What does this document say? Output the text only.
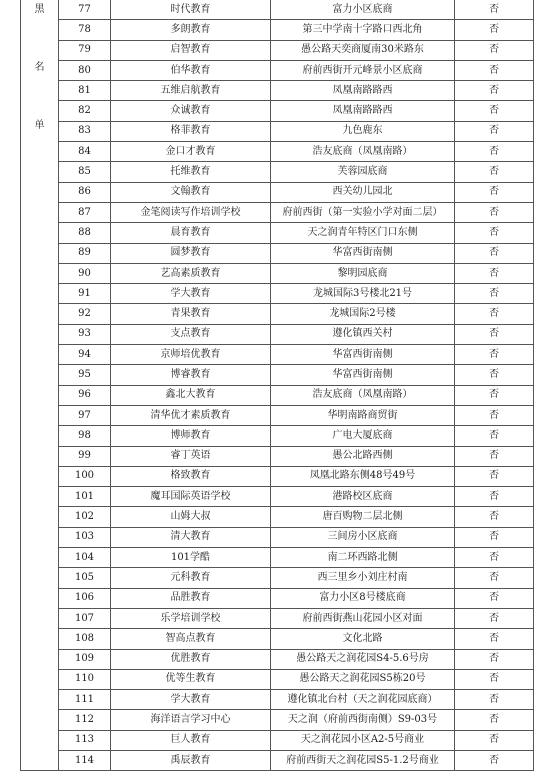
黑
名
单	77	时代教育	富力小区底商	否
	78	多朗教育	第三中学南十字路口西北角	否
	79	启智教育	愚公路天奕商厦南30米路东	否
	80	伯华教育	府前西街开元峰景小区底商	否
	81	五维启航教育	凤凰南路路西	否
	82	众诚教育	凤凰南路路西	否
	83	格菲教育	九色鹿东	否
	84	金口才教育	浩友底商（凤凰南路）	否
	85	托维教育	芙蓉园底商	否
	86	文翰教育	西关幼儿园北	否
	87	金笔阅读写作培训学校	府前西街（第一实验小学对面二层）	否
	88	晨育教育	天之润青年特区门口东侧	否
	89	圆梦教育	华富西街南侧	否
	90	艺高素质教育	黎明园底商	否
	91	学大教育	龙城国际3号楼北21号	否
	92	青果教育	龙城国际2号楼	否
	93	支点教育	遵化镇西关村	否
	94	京师培优教育	华富西街南侧	否
	95	博睿教育	华富西街南侧	否
	96	鑫北大教育	浩友底商（凤凰南路）	否
	97	清华优才素质教育	华明南路商贸街	否
	98	博师教育	广电大厦底商	否
	99	睿丁英语	愚公北路西侧	否
	100	格致教育	凤凰北路东侧48号49号	否
	101	魔耳国际英语学校	港路校区底商	否
	102	山姆大叔	唐百购物二层北侧	否
	103	清大教育	三间房小区底商	否
	104	101学酷	南二环西路北侧	否
	105	元科教育	西三里乡小刘庄村南	否
	106	品胜教育	富力小区8号楼底商	否
	107	乐学培训学校	府前西街燕山花园小区对面	否
	108	智高点教育	文化北路	否
	109	优胜教育	愚公路天之润花园S4-5.6号房	否
	110	优等生教育	愚公路天之润花园S5栋20号	否
	111	学大教育	遵化镇北台村（天之润花园底商）	否
	112	海洋语言学习中心	天之润（府前西街南侧）S9-03号	否
	113	巨人教育	天之润花园小区A2-5号商业	否
	114	禹辰教育	府前西街天之润花园S5-1.2号商业	否
